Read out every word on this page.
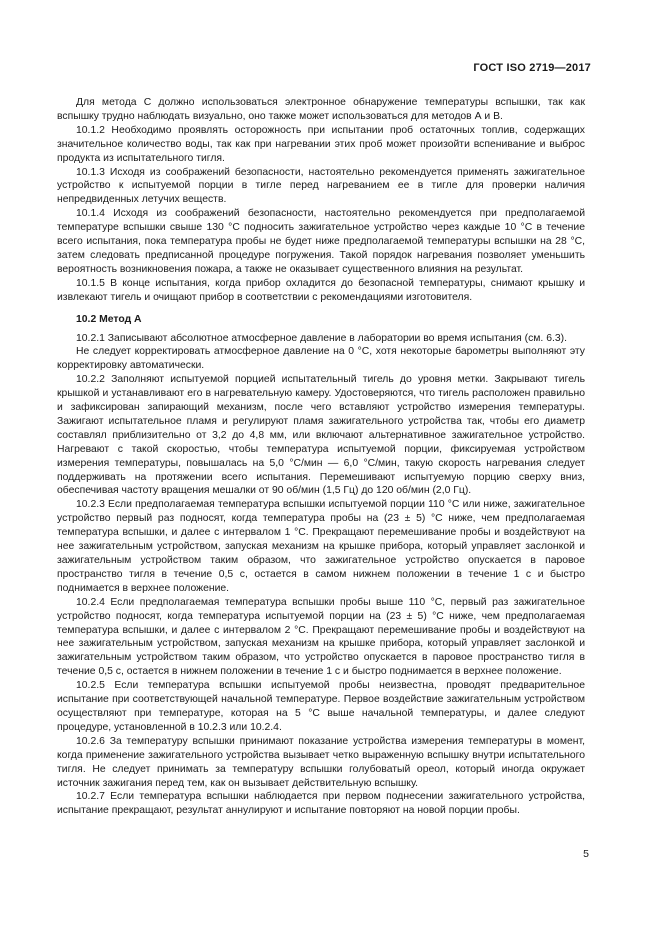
ГОСТ ISO 2719—2017

Для метода С должно использоваться электронное обнаружение температуры вспышки, так как вспышку трудно наблюдать визуально, оно также может использоваться для методов А и В.

10.1.2 Необходимо проявлять осторожность при испытании проб остаточных топлив, содержащих значительное количество воды, так как при нагревании этих проб может произойти вспенивание и выброс продукта из испытательного тигля.

10.1.3 Исходя из соображений безопасности, настоятельно рекомендуется применять зажигательное устройство к испытуемой порции в тигле перед нагреванием ее в тигле для проверки наличия непредвиденных летучих веществ.

10.1.4 Исходя из соображений безопасности, настоятельно рекомендуется при предполагаемой температуре вспышки свыше 130 °С подносить зажигательное устройство через каждые 10 °С в течение всего испытания, пока температура пробы не будет ниже предполагаемой температуры вспышки на 28 °С, затем следовать предписанной процедуре погружения. Такой порядок нагревания позволяет уменьшить вероятность возникновения пожара, а также не оказывает существенного влияния на результат.

10.1.5 В конце испытания, когда прибор охладится до безопасной температуры, снимают крышку и извлекают тигель и очищают прибор в соответствии с рекомендациями изготовителя.

10.2 Метод А

10.2.1 Записывают абсолютное атмосферное давление в лаборатории во время испытания (см. 6.3).

Не следует корректировать атмосферное давление на 0 °С, хотя некоторые барометры выполняют эту корректировку автоматически.

10.2.2 Заполняют испытуемой порцией испытательный тигель до уровня метки. Закрывают тигель крышкой и устанавливают его в нагревательную камеру. Удостоверяются, что тигель расположен правильно и зафиксирован запирающий механизм, после чего вставляют устройство измерения температуры. Зажигают испытательное пламя и регулируют пламя зажигательного устройства так, чтобы его диаметр составлял приблизительно от 3,2 до 4,8 мм, или включают альтернативное зажигательное устройство. Нагревают с такой скоростью, чтобы температура испытуемой порции, фиксируемая устройством измерения температуры, повышалась на 5,0 °С/мин — 6,0 °С/мин, такую скорость нагревания следует поддерживать на протяжении всего испытания. Перемешивают испытуемую порцию сверху вниз, обеспечивая частоту вращения мешалки от 90 об/мин (1,5 Гц) до 120 об/мин (2,0 Гц).

10.2.3 Если предполагаемая температура вспышки испытуемой порции 110 °С или ниже, зажигательное устройство первый раз подносят, когда температура пробы на (23 ± 5) °С ниже, чем предполагаемая температура вспышки, и далее с интервалом 1 °С. Прекращают перемешивание пробы и воздействуют на нее зажигательным устройством, запуская механизм на крышке прибора, который управляет заслонкой и зажигательным устройством таким образом, что зажигательное устройство опускается в паровое пространство тигля в течение 0,5 с, остается в самом нижнем положении в течение 1 с и быстро поднимается в верхнее положение.

10.2.4 Если предполагаемая температура вспышки пробы выше 110 °С, первый раз зажигательное устройство подносят, когда температура испытуемой порции на (23 ± 5) °С ниже, чем предполагаемая температура вспышки, и далее с интервалом 2 °С. Прекращают перемешивание пробы и воздействуют на нее зажигательным устройством, запуская механизм на крышке прибора, который управляет заслонкой и зажигательным устройством таким образом, что устройство опускается в паровое пространство тигля в течение 0,5 с, остается в нижнем положении в течение 1 с и быстро поднимается в верхнее положение.

10.2.5 Если температура вспышки испытуемой пробы неизвестна, проводят предварительное испытание при соответствующей начальной температуре. Первое воздействие зажигательным устройством осуществляют при температуре, которая на 5 °С выше начальной температуры, и далее следуют процедуре, установленной в 10.2.3 или 10.2.4.

10.2.6 За температуру вспышки принимают показание устройства измерения температуры в момент, когда применение зажигательного устройства вызывает четко выраженную вспышку внутри испытательного тигля. Не следует принимать за температуру вспышки голубоватый ореол, который иногда окружает источник зажигания перед тем, как он вызывает действительную вспышку.

10.2.7 Если температура вспышки наблюдается при первом поднесении зажигательного устройства, испытание прекращают, результат аннулируют и испытание повторяют на новой порции пробы.

5
